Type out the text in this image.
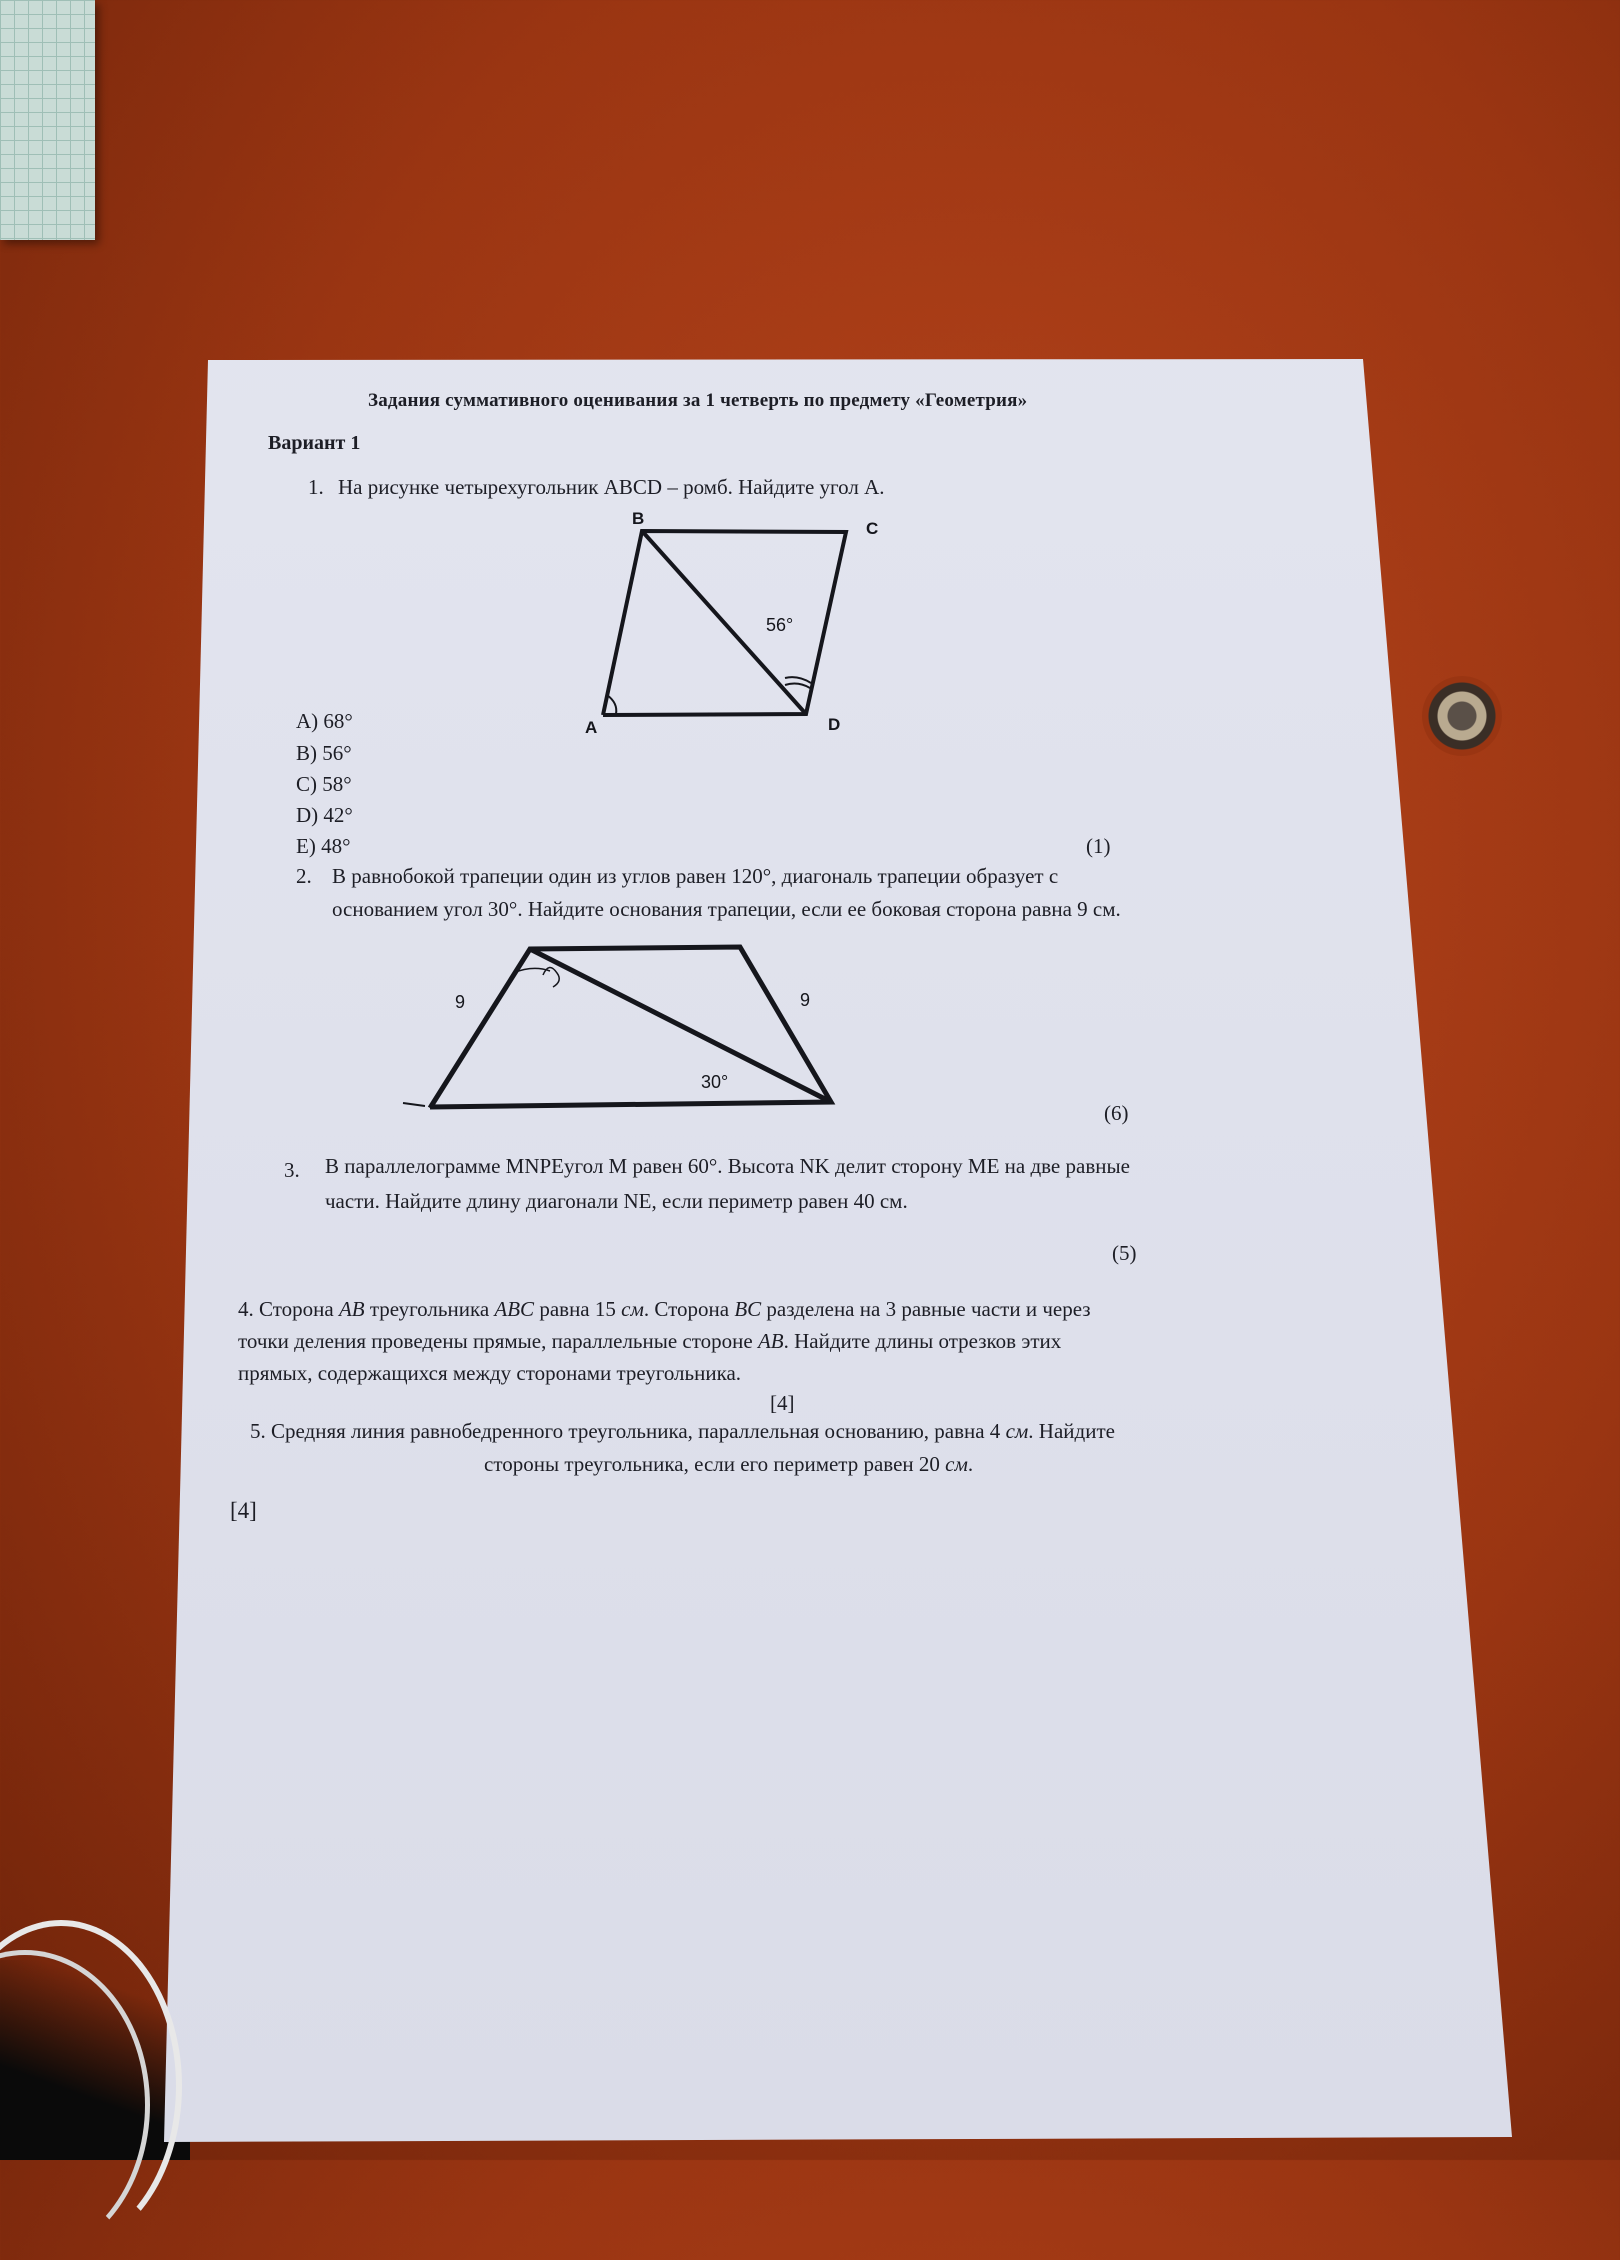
Задания суммативного оценивания за 1 четверть по предмету «Геометрия»
Вариант 1
1. На рисунке четырехугольник ABCD – ромб. Найдите угол А.
B
C
A	D
56°
A) 68°
B) 56°
C) 58°
D) 42°
E) 48°	(1)
2. В равнобокой трапеции один из углов равен 120°, диагональ трапеции образует с
основанием угол 30°. Найдите основания трапеции, если ее боковая сторона равна 9 см.
9	9
30°
(6)
3. В параллелограмме MNPEугол M равен 60°. Высота NK делит сторону ME на две равные
части. Найдите длину диагонали NE, если периметр равен 40 см.
(5)
4. Сторона AB треугольника ABC равна 15 см. Сторона BC разделена на 3 равные части и через
точки деления проведены прямые, параллельные стороне AB. Найдите длины отрезков этих
прямых, содержащихся между сторонами треугольника.
[4]
5. Средняя линия равнобедренного треугольника, параллельная основанию, равна 4 см. Найдите
стороны треугольника, если его периметр равен 20 см.
[4]
